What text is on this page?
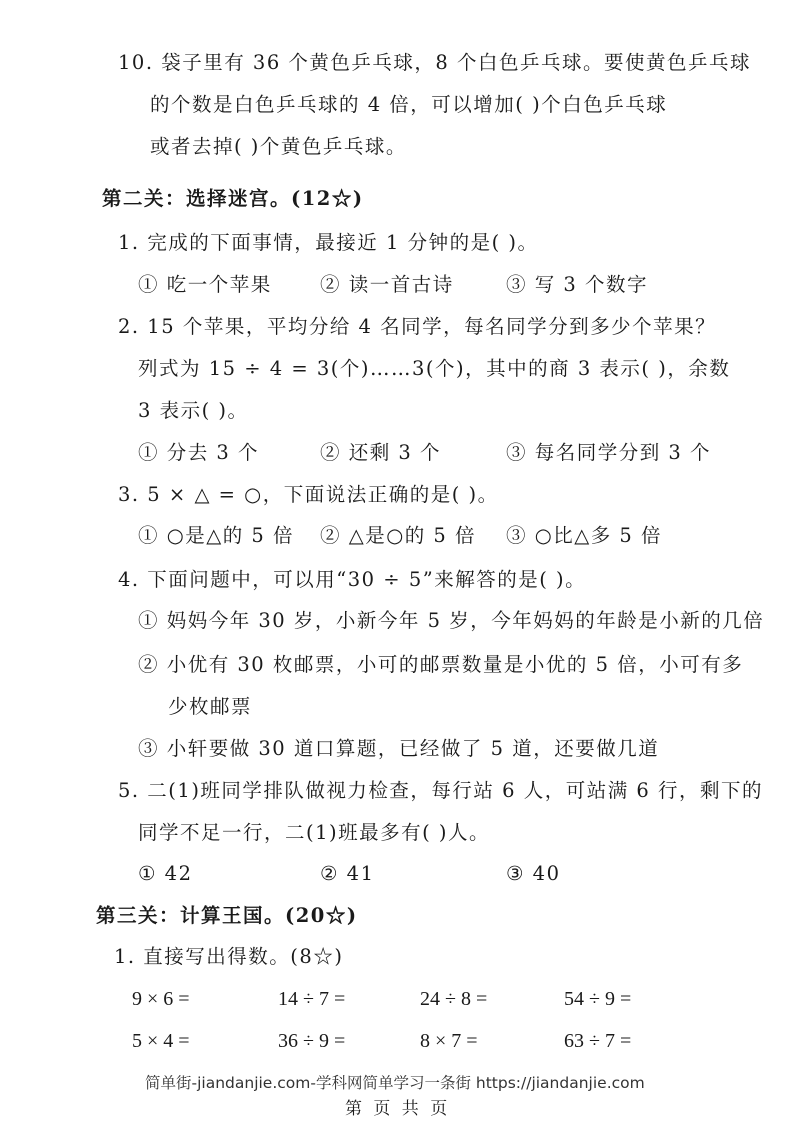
10. 袋子里有 36 个黄色乒乓球，8 个白色乒乓球。要使黄色乒乓球
的个数是白色乒乓球的 4 倍，可以增加( )个白色乒乓球
或者去掉( )个黄色乒乓球。
第二关：选择迷宫。(12☆)
1. 完成的下面事情，最接近 1 分钟的是( )。
① 吃一个苹果 ② 读一首古诗	③ 写 3 个数字
2. 15 个苹果，平均分给 4 名同学，每名同学分到多少个苹果？
列式为 15 ÷ 4 = 3(个)……3(个)，其中的商 3 表示( )，余数
3 表示( )。
① 分去 3 个	② 还剩 3 个	③ 每名同学分到 3 个
3. 5 × △ = ○，下面说法正确的是( )。
① ○是△的 5 倍 ② △是○的 5 倍 ③ ○比△多 5 倍
4. 下面问题中，可以用“30 ÷ 5”来解答的是( )。
① 妈妈今年 30 岁，小新今年 5 岁，今年妈妈的年龄是小新的几倍
② 小优有 30 枚邮票，小可的邮票数量是小优的 5 倍，小可有多
少枚邮票
③ 小轩要做 30 道口算题，已经做了 5 道，还要做几道
5. 二(1)班同学排队做视力检查，每行站 6 人，可站满 6 行，剩下的
同学不足一行，二(1)班最多有( )人。
① 42	② 41	③ 40
第三关：计算王国。(20☆)
1. 直接写出得数。(8☆)
9 × 6 =	14 ÷ 7 =	24 ÷ 8 =	54 ÷ 9 =
5 × 4 =	36 ÷ 9 =	8 × 7 =	63 ÷ 7 =
简单街-jiandanjie.com-学科网简单学习一条街 https://jiandanjie.com
第 页 共 页
